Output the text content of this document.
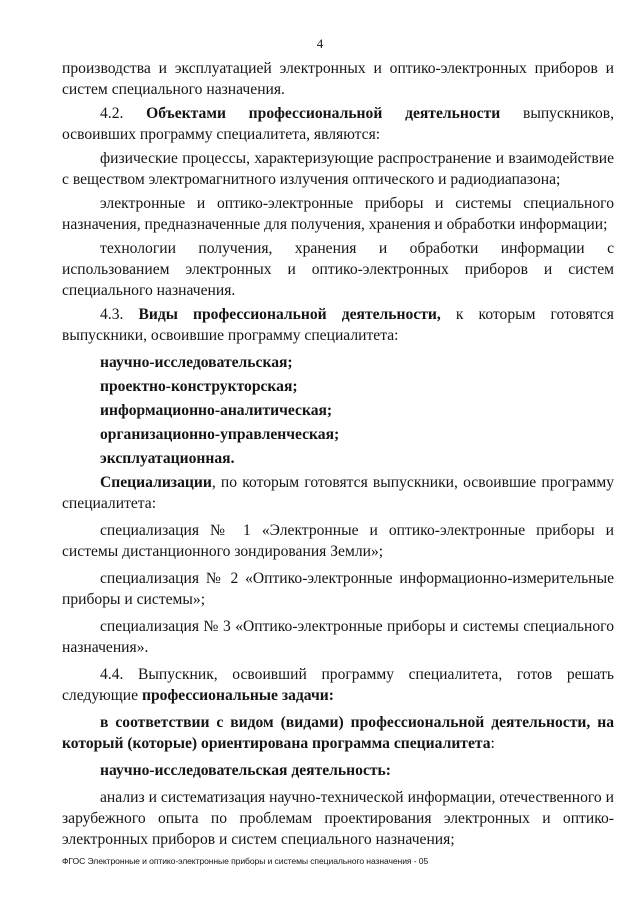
4

производства и эксплуатацией электронных и оптико-электронных приборов и систем специального назначения.

4.2. Объектами профессиональной деятельности выпускников, освоивших программу специалитета, являются:

физические процессы, характеризующие распространение и взаимодействие с веществом электромагнитного излучения оптического и радиодиапазона;

электронные и оптико-электронные приборы и системы специального назначения, предназначенные для получения, хранения и обработки информации;

технологии получения, хранения и обработки информации с использованием электронных и оптико-электронных приборов и систем специального назначения.

4.3. Виды профессиональной деятельности, к которым готовятся выпускники, освоившие программу специалитета:

научно-исследовательская;

проектно-конструкторская;

информационно-аналитическая;

организационно-управленческая;

эксплуатационная.

Специализации, по которым готовятся выпускники, освоившие программу специалитета:

специализация № 1 «Электронные и оптико-электронные приборы и системы дистанционного зондирования Земли»;

специализация № 2 «Оптико-электронные информационно-измерительные приборы и системы»;

специализация № 3 «Оптико-электронные приборы и системы специального назначения».

4.4. Выпускник, освоивший программу специалитета, готов решать следующие профессиональные задачи:

в соответствии с видом (видами) профессиональной деятельности, на который (которые) ориентирована программа специалитета:

научно-исследовательская деятельность:

анализ и систематизация научно-технической информации, отечественного и зарубежного опыта по проблемам проектирования электронных и оптико-электронных приборов и систем специального назначения;

ФГОС Электронные и оптико-электронные приборы и системы специального назначения - 05
